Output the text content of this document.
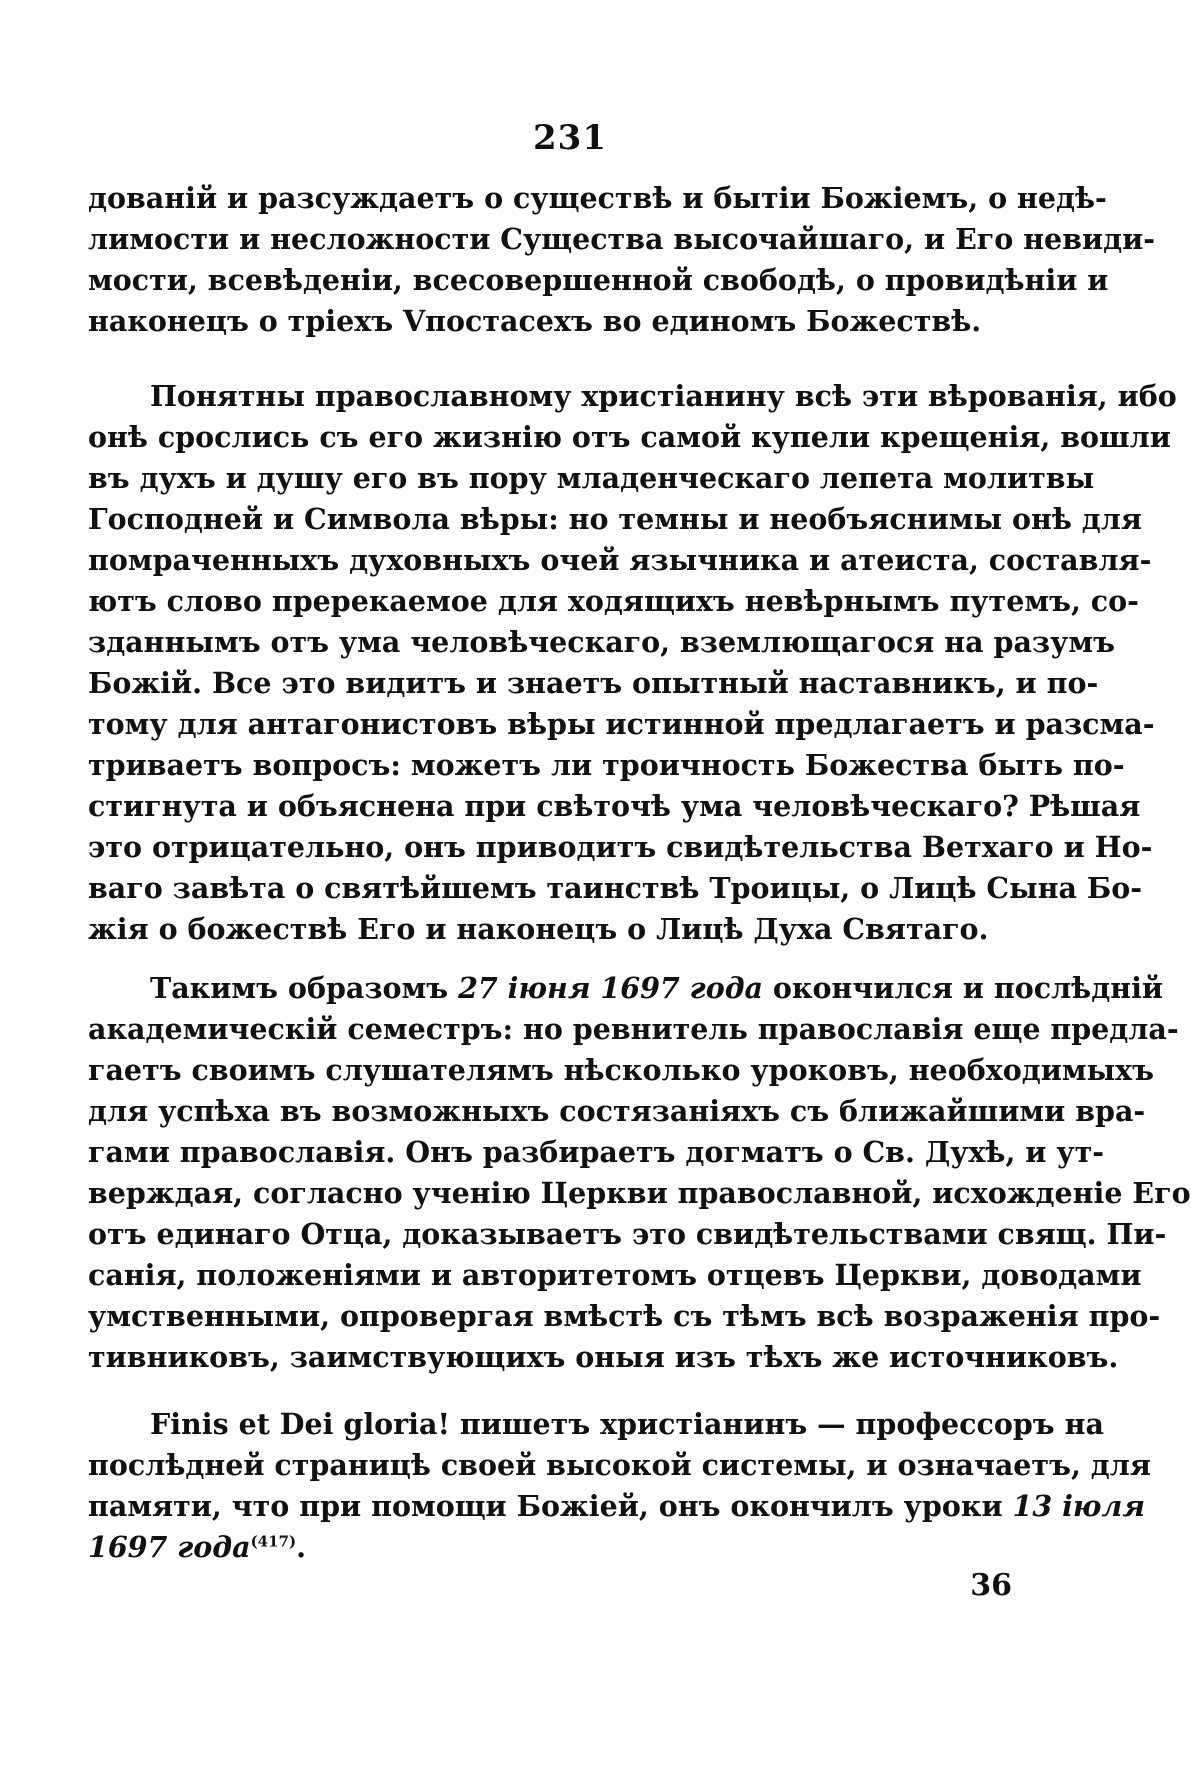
231
дованій и разсуждаетъ о существѣ и бытіи Божіемъ, о недѣ-
лимости и несложности Существа высочайшаго, и Его невиди-
мости, всевѣденіи, всесовершенной свободѣ, о провидѣніи и
наконецъ о тріехъ Vпостасехъ во единомъ Божествѣ.
Понятны православному христіанину всѣ эти вѣрованія, ибо
онѣ срослись съ его жизнію отъ самой купели крещенія, вошли
въ духъ и душу его въ пору младенческаго лепета молитвы
Господней и Символа вѣры: но темны и необъяснимы онѣ для
помраченныхъ духовныхъ очей язычника и атеиста, составля-
ютъ слово пререкаемое для ходящихъ невѣрнымъ путемъ, со-
зданнымъ отъ ума человѣческаго, вземлющагося на разумъ
Божій. Все это видитъ и знаетъ опытный наставникъ, и по-
тому для антагонистовъ вѣры истинной предлагаетъ и разсма-
триваетъ вопросъ: можетъ ли троичность Божества быть по-
стигнута и объяснена при свѣточѣ ума человѣческаго? Рѣшая
это отрицательно, онъ приводитъ свидѣтельства Ветхаго и Но-
ваго завѣта о святѣйшемъ таинствѣ Троицы, о Лицѣ Сына Бо-
жія о божествѣ Его и наконецъ о Лицѣ Духа Святаго.
Такимъ образомъ 27 іюня 1697 года окончился и послѣдній
академическій семестръ: но ревнитель православія еще предла-
гаетъ своимъ слушателямъ нѣсколько уроковъ, необходимыхъ
для успѣха въ возможныхъ состязаніяхъ съ ближайшими вра-
гами православія. Онъ разбираетъ догматъ о Св. Духѣ, и ут-
верждая, согласно ученію Церкви православной, исхожденіе Его
отъ единаго Отца, доказываетъ это свидѣтельствами свящ. Пи-
санія, положеніями и авторитетомъ отцевъ Церкви, доводами
умственными, опровергая вмѣстѣ съ тѣмъ всѣ возраженія про-
тивниковъ, заимствующихъ оныя изъ тѣхъ же источниковъ.
Finis et Dei gloria! пишетъ христіанинъ — профессоръ на
послѣдней страницѣ своей высокой системы, и означаетъ, для
памяти, что при помощи Божіей, онъ окончилъ уроки 13 іюля
1697 года$^{(417)}$.
36
